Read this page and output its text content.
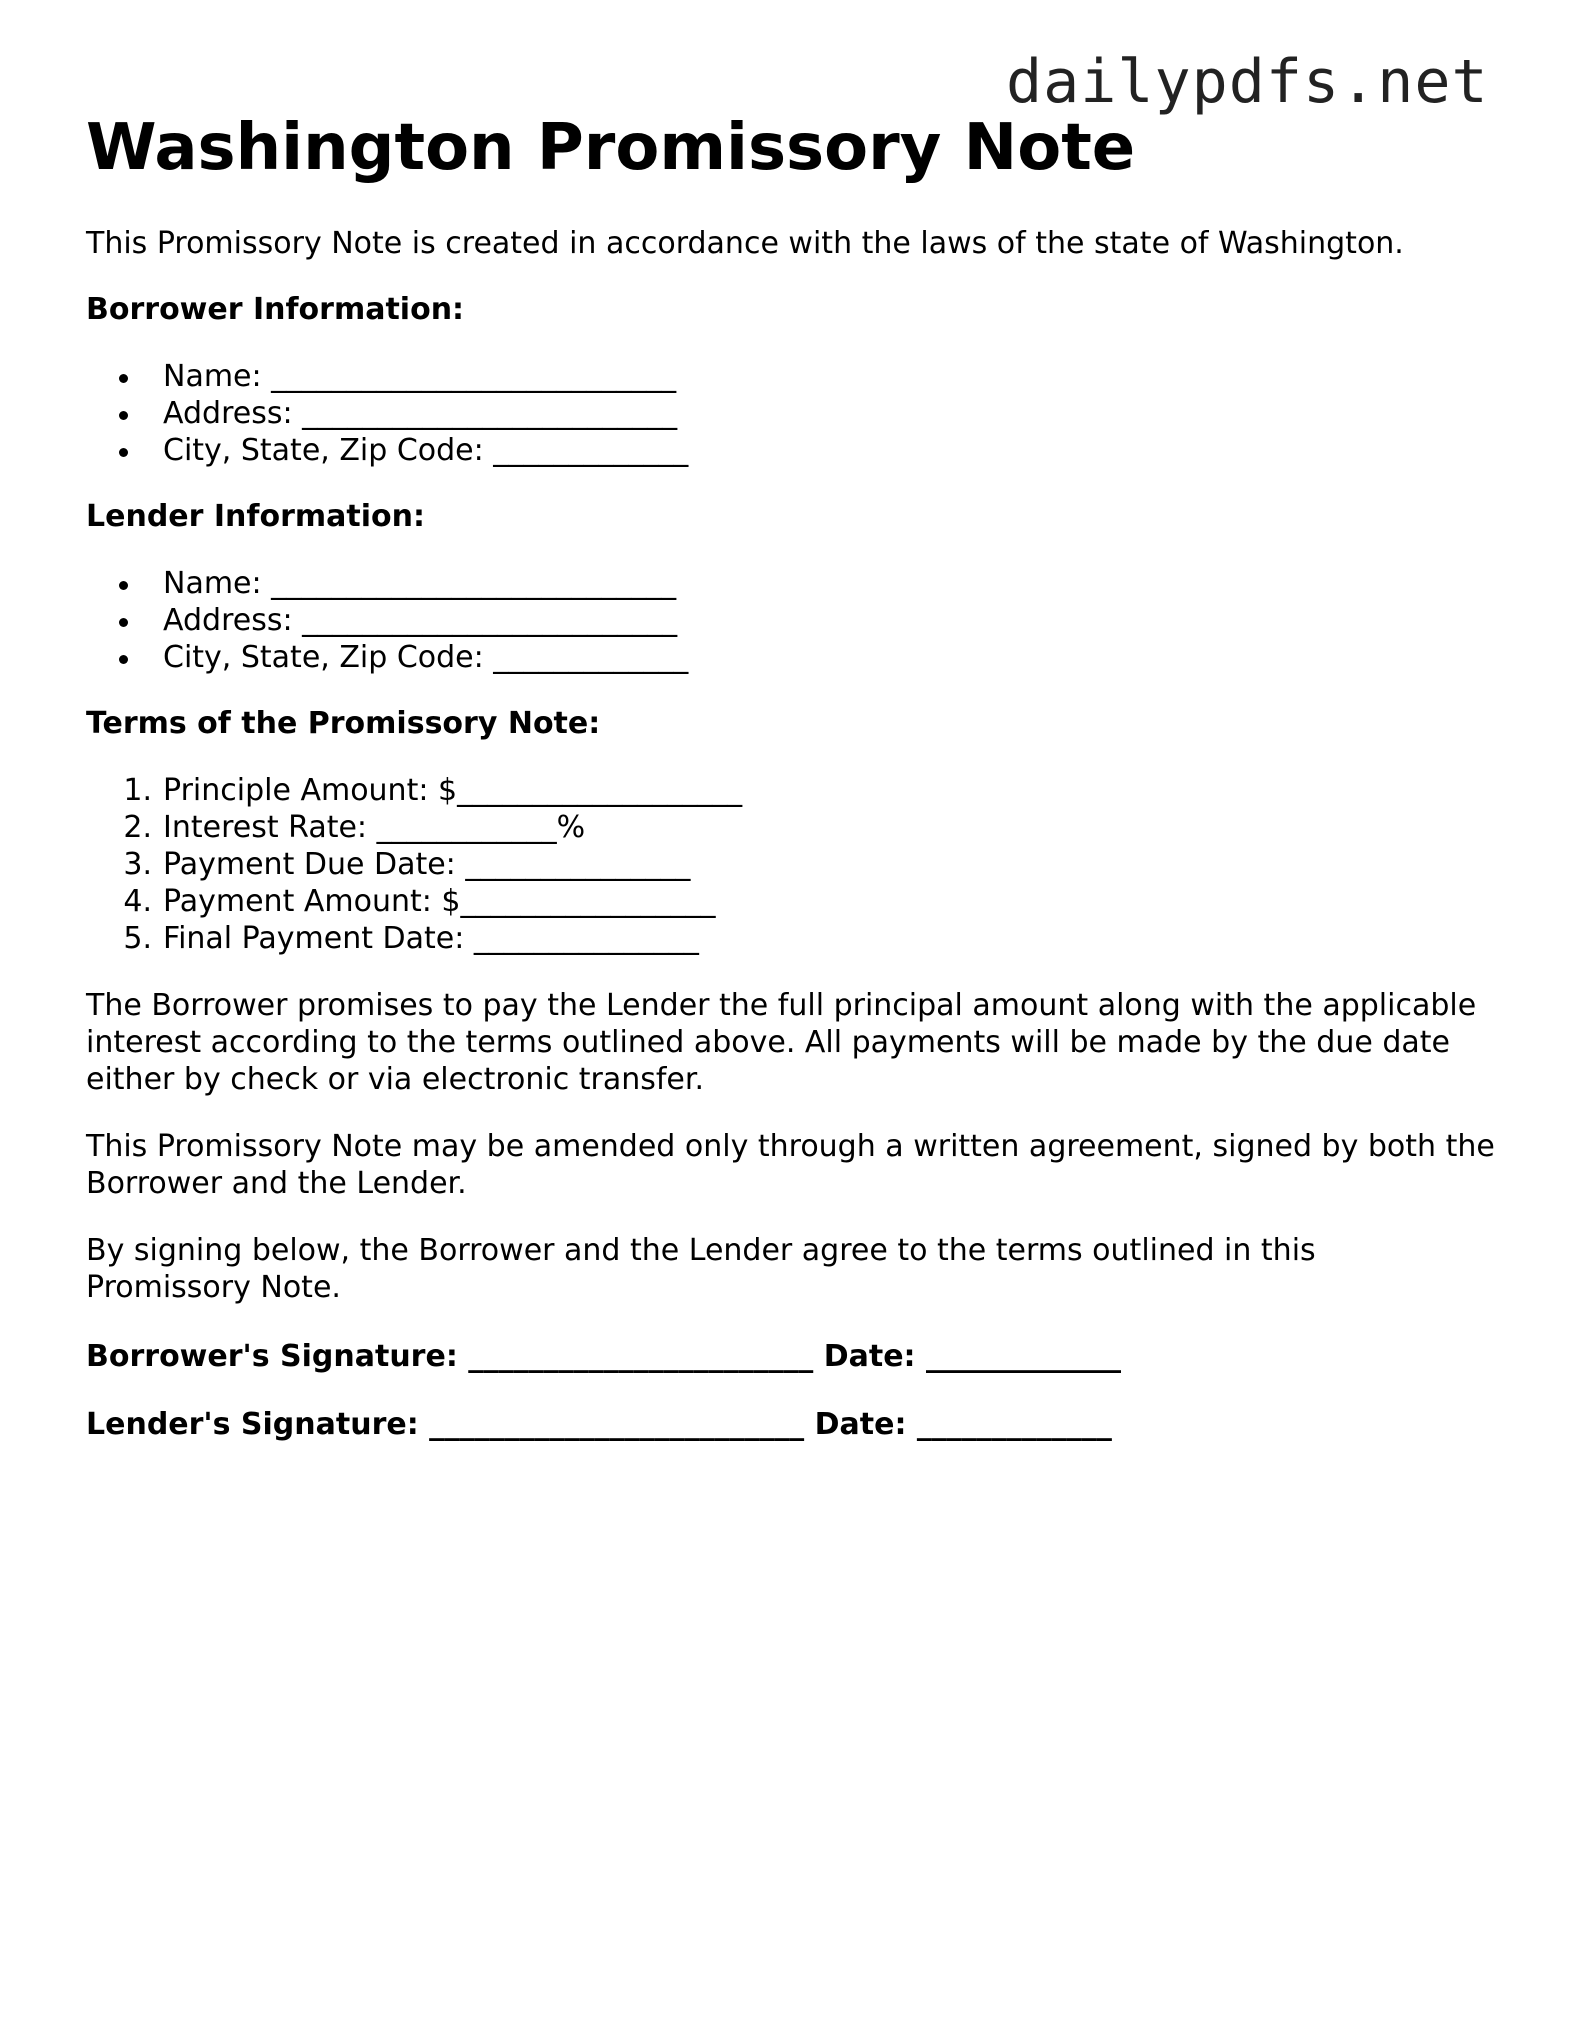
dailypdfs.net
Washington Promissory Note

This Promissory Note is created in accordance with the laws of the state of Washington.

Borrower Information:

Name: ___________________________
Address: _________________________
City, State, Zip Code: _____________

Lender Information:

Name: ___________________________
Address: _________________________
City, State, Zip Code: _____________

Terms of the Promissory Note:

1. Principle Amount: $___________________
2. Interest Rate: ____________%
3. Payment Due Date: _______________
4. Payment Amount: $_________________
5. Final Payment Date: _______________

The Borrower promises to pay the Lender the full principal amount along with the applicable interest according to the terms outlined above. All payments will be made by the due date either by check or via electronic transfer.

This Promissory Note may be amended only through a written agreement, signed by both the Borrower and the Lender.

By signing below, the Borrower and the Lender agree to the terms outlined in this Promissory Note.

Borrower's Signature: _______________________ Date: _____________

Lender's Signature: _________________________ Date: _____________
